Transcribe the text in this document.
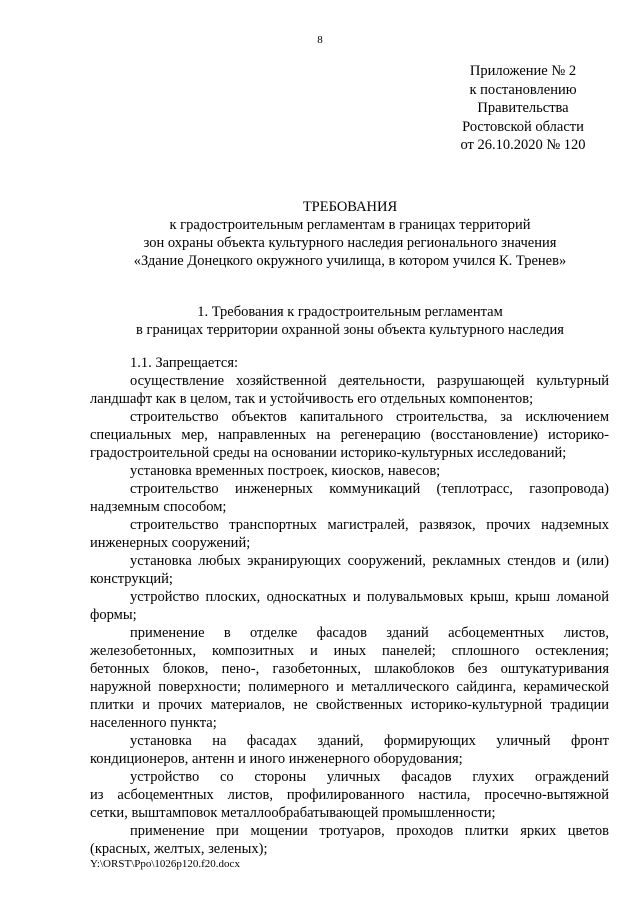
8
Приложение № 2
к постановлению
Правительства
Ростовской области
от 26.10.2020 № 120
ТРЕБОВАНИЯ
к градостроительным регламентам в границах территорий
зон охраны объекта культурного наследия регионального значения
«Здание Донецкого окружного училища, в котором учился К. Тренев»
1. Требования к градостроительным регламентам
в границах территории охранной зоны объекта культурного наследия
1.1. Запрещается:
осуществление хозяйственной деятельности, разрушающей культурный
ландшафт как в целом, так и устойчивость его отдельных компонентов;
строительство объектов капитального строительства, за исключением
специальных мер, направленных на регенерацию (восстановление) историко-
градостроительной среды на основании историко-культурных исследований;
установка временных построек, киосков, навесов;
строительство инженерных коммуникаций (теплотрасс, газопровода)
надземным способом;
строительство транспортных магистралей, развязок, прочих надземных
инженерных сооружений;
установка любых экранирующих сооружений, рекламных стендов и (или)
конструкций;
устройство плоских, односкатных и полувальмовых крыш, крыш ломаной
формы;
применение в отделке фасадов зданий асбоцементных листов,
железобетонных, композитных и иных панелей; сплошного остекления;
бетонных блоков, пено-, газобетонных, шлакоблоков без оштукатуривания
наружной поверхности; полимерного и металлического сайдинга, керамической
плитки и прочих материалов, не свойственных историко-культурной традиции
населенного пункта;
установка на фасадах зданий, формирующих уличный фронт
кондиционеров, антенн и иного инженерного оборудования;
устройство со стороны уличных фасадов глухих ограждений
из асбоцементных листов, профилированного настила, просечно-вытяжной
сетки, выштамповок металлообрабатывающей промышленности;
применение при мощении тротуаров, проходов плитки ярких цветов
(красных, желтых, зеленых);
Y:\ORST\Ppo\1026p120.f20.docx
